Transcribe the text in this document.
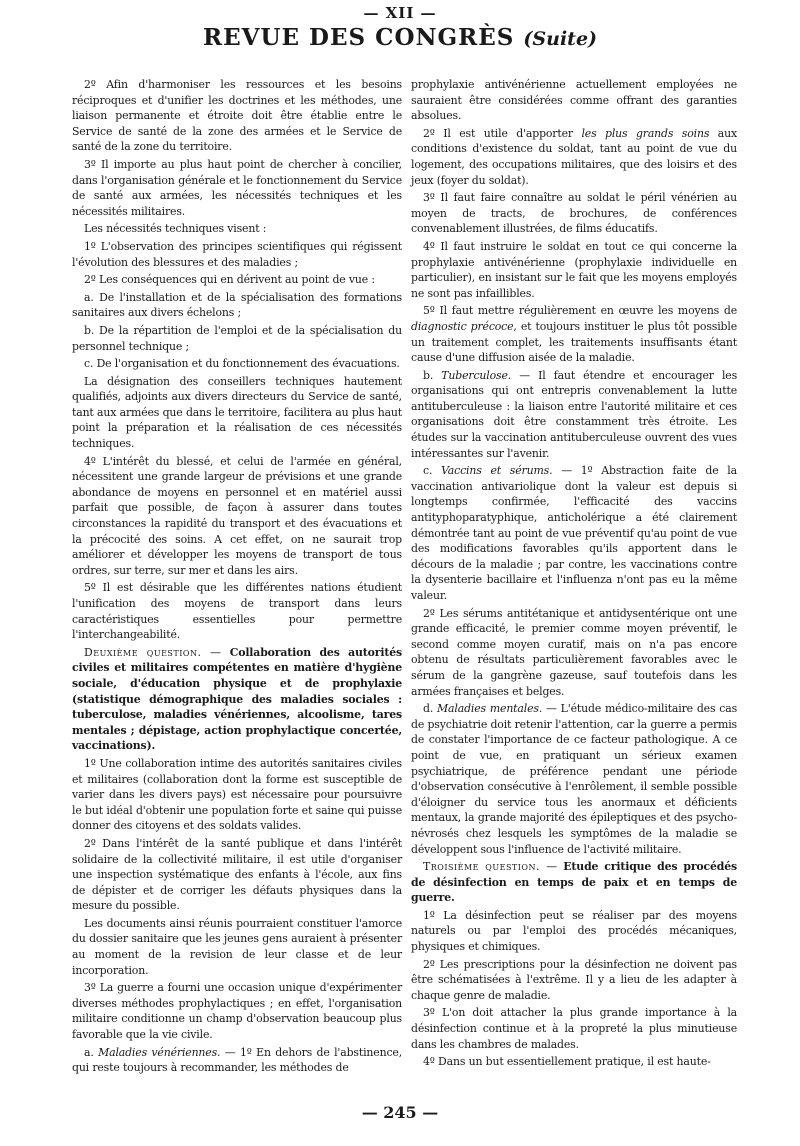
— XII —
REVUE DES CONGRÈS (Suite)

2º Afin d'harmoniser les ressources et les besoins réciproques et d'unifier les doctrines et les méthodes, une liaison permanente et étroite doit être établie entre le Service de santé de la zone des armées et le Service de santé de la zone du territoire.

3º Il importe au plus haut point de chercher à concilier, dans l'organisation générale et le fonctionnement du Service de santé aux armées, les nécessités techniques et les nécessités militaires.

Les nécessités techniques visent :

1º L'observation des principes scientifiques qui régissent l'évolution des blessures et des maladies ;

2º Les conséquences qui en dérivent au point de vue :

a. De l'installation et de la spécialisation des formations sanitaires aux divers échelons ;

b. De la répartition de l'emploi et de la spécialisation du personnel technique ;

c. De l'organisation et du fonctionnement des évacuations.

La désignation des conseillers techniques hautement qualifiés, adjoints aux divers directeurs du Service de santé, tant aux armées que dans le territoire, facilitera au plus haut point la préparation et la réalisation de ces nécessités techniques.

4º L'intérêt du blessé, et celui de l'armée en général, nécessitent une grande largeur de prévisions et une grande abondance de moyens en personnel et en matériel aussi parfait que possible, de façon à assurer dans toutes circonstances la rapidité du transport et des évacuations et la précocité des soins. A cet effet, on ne saurait trop améliorer et développer les moyens de transport de tous ordres, sur terre, sur mer et dans les airs.

5º Il est désirable que les différentes nations étudient l'unification des moyens de transport dans leurs caractéristiques essentielles pour permettre l'interchangeabilité.

Deuxième question. — Collaboration des autorités civiles et militaires compétentes en matière d'hygiène sociale, d'éducation physique et de prophylaxie (statistique démographique des maladies sociales : tuberculose, maladies vénériennes, alcoolisme, tares mentales ; dépistage, action prophylactique concertée, vaccinations).

1º Une collaboration intime des autorités sanitaires civiles et militaires (collaboration dont la forme est susceptible de varier dans les divers pays) est nécessaire pour poursuivre le but idéal d'obtenir une population forte et saine qui puisse donner des citoyens et des soldats valides.

2º Dans l'intérêt de la santé publique et dans l'intérêt solidaire de la collectivité militaire, il est utile d'organiser une inspection systématique des enfants à l'école, aux fins de dépister et de corriger les défauts physiques dans la mesure du possible.

Les documents ainsi réunis pourraient constituer l'amorce du dossier sanitaire que les jeunes gens auraient à présenter au moment de la revision de leur classe et de leur incorporation.

3º La guerre a fourni une occasion unique d'expérimenter diverses méthodes prophylactiques ; en effet, l'organisation militaire conditionne un champ d'observation beaucoup plus favorable que la vie civile.

a. Maladies vénériennes. — 1º En dehors de l'abstinence, qui reste toujours à recommander, les méthodes de

prophylaxie antivénérienne actuellement employées ne sauraient être considérées comme offrant des garanties absolues.

2º Il est utile d'apporter les plus grands soins aux conditions d'existence du soldat, tant au point de vue du logement, des occupations militaires, que des loisirs et des jeux (foyer du soldat).

3º Il faut faire connaître au soldat le péril vénérien au moyen de tracts, de brochures, de conférences convenablement illustrées, de films éducatifs.

4º Il faut instruire le soldat en tout ce qui concerne la prophylaxie antivénérienne (prophylaxie individuelle en particulier), en insistant sur le fait que les moyens employés ne sont pas infaillibles.

5º Il faut mettre régulièrement en œuvre les moyens de diagnostic précoce, et toujours instituer le plus tôt possible un traitement complet, les traitements insuffisants étant cause d'une diffusion aisée de la maladie.

b. Tuberculose. — Il faut étendre et encourager les organisations qui ont entrepris convenablement la lutte antituberculeuse : la liaison entre l'autorité militaire et ces organisations doit être constamment très étroite. Les études sur la vaccination antituberculeuse ouvrent des vues intéressantes sur l'avenir.

c. Vaccins et sérums. — 1º Abstraction faite de la vaccination antivariolique dont la valeur est depuis si longtemps confirmée, l'efficacité des vaccins antityphoparatyphique, anticholérique a été clairement démontrée tant au point de vue préventif qu'au point de vue des modifications favorables qu'ils apportent dans le décours de la maladie ; par contre, les vaccinations contre la dysenterie bacillaire et l'influenza n'ont pas eu la même valeur.

2º Les sérums antitétanique et antidysentérique ont une grande efficacité, le premier comme moyen préventif, le second comme moyen curatif, mais on n'a pas encore obtenu de résultats particulièrement favorables avec le sérum de la gangrène gazeuse, sauf toutefois dans les armées françaises et belges.

d. Maladies mentales. — L'étude médico-militaire des cas de psychiatrie doit retenir l'attention, car la guerre a permis de constater l'importance de ce facteur pathologique. A ce point de vue, en pratiquant un sérieux examen psychiatrique, de préférence pendant une période d'observation consécutive à l'enrôlement, il semble possible d'éloigner du service tous les anormaux et déficients mentaux, la grande majorité des épileptiques et des psycho-névrosés chez lesquels les symptômes de la maladie se développent sous l'influence de l'activité militaire.

Troisième question. — Etude critique des procédés de désinfection en temps de paix et en temps de guerre.

1º La désinfection peut se réaliser par des moyens naturels ou par l'emploi des procédés mécaniques, physiques et chimiques.

2º Les prescriptions pour la désinfection ne doivent pas être schématisées à l'extrême. Il y a lieu de les adapter à chaque genre de maladie.

3º L'on doit attacher la plus grande importance à la désinfection continue et à la propreté la plus minutieuse dans les chambres de malades.

4º Dans un but essentiellement pratique, il est haute-

— 245 —
